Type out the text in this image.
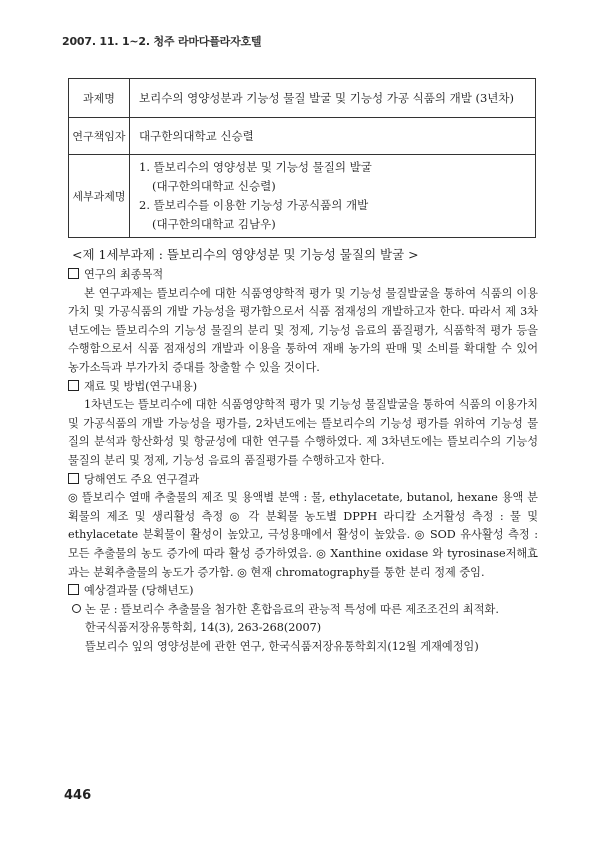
2007. 11. 1~2. 청주 라마다플라자호텔
과제명	보리수의 영양성분과 기능성 물질 발굴 및 기능성 가공 식품의 개발 (3년차)
연구책임자	대구한의대학교 신승렬
세부과제명	1. 뜰보리수의 영양성분 및 기능성 물질의 발굴
(대구한의대학교 신승렬)
2. 뜰보리수를 이용한 기능성 가공식품의 개발
(대구한의대학교 김남우)
<제 1세부과제 : 뜰보리수의 영양성분 및 기능성 물질의 발굴 >
연구의 최종목적

본 연구과제는 뜰보리수에 대한 식품영양학적 평가 및 기능성 물질발굴을 통하여 식품의 이용가치 및 가공식품의 개발 가능성을 평가함으로서 식품 점재성의 개발하고자 한다. 따라서 제 3차년도에는 뜰보리수의 기능성 물질의 분리 및 정제, 기능성 음료의 품질평가, 식품학적 평가 등을 수행함으로서 식품 점재성의 개발과 이용을 통하여 재배 농가의 판매 및 소비를 확대할 수 있어 농가소득과 부가가치 증대를 창출할 수 있을 것이다.

재료 및 방법(연구내용)

1차년도는 뜰보리수에 대한 식품영양학적 평가 및 기능성 물질발굴을 통하여 식품의 이용가치 및 가공식품의 개발 가능성을 평가를, 2차년도에는 뜰보리수의 기능성 평가를 위하여 기능성 물질의 분석과 항산화성 및 항균성에 대한 연구를 수행하였다. 제 3차년도에는 뜰보리수의 기능성 물질의 분리 및 정제, 기능성 음료의 품질평가를 수행하고자 한다.

당해연도 주요 연구결과

◎ 뜰보리수 열매 추출물의 제조 및 용액별 분액 : 물, ethylacetate, butanol, hexane 용액 분획물의 제조 및 생리활성 측정 ◎ 각 분획물 농도별 DPPH 라디칼 소거활성 측정 : 물 및 ethylacetate 분획물이 활성이 높았고, 극성용매에서 활성이 높았음. ◎ SOD 유사활성 측정 : 모든 추출물의 농도 증가에 따라 활성 증가하였음. ◎ Xanthine oxidase 와 tyrosinase저해효과는 분획추출물의 농도가 증가함. ◎ 현재 chromatography를 통한 분리 정제 중임.

예상결과물 (당해년도)
논 문 : 뜰보리수 추출물을 첨가한 혼합음료의 관능적 특성에 따른 제조조건의 최적화.
한국식품저장유통학회, 14(3), 263-268(2007)
뜰보리수 잎의 영양성분에 관한 연구, 한국식품저장유통학회지(12월 게재예정임)
446
